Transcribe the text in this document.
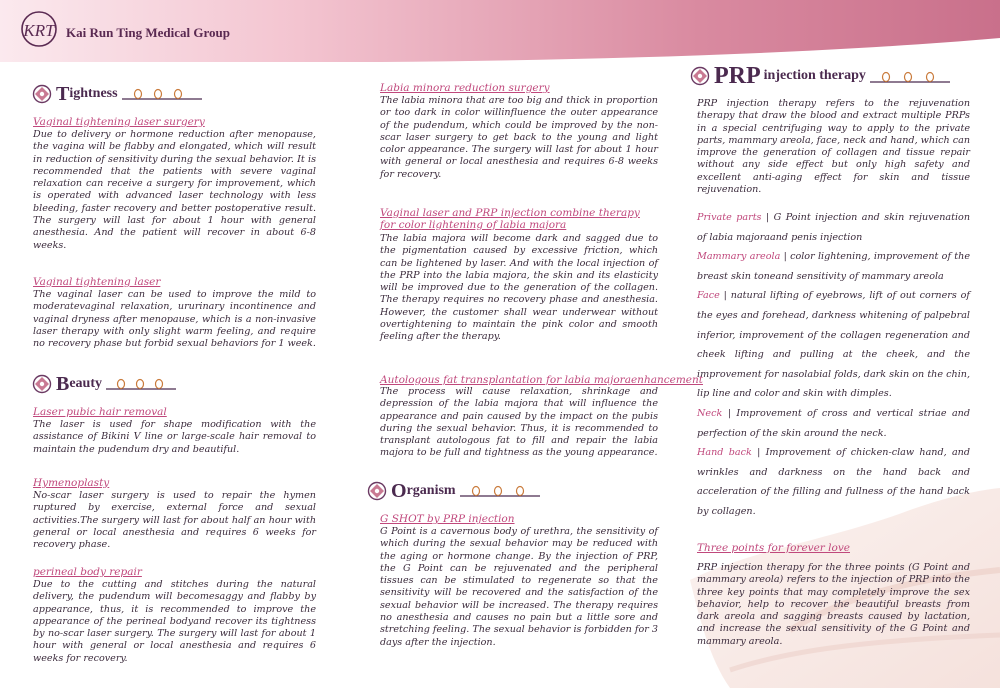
KRT Kai Run Ting Medical Group
T ightness
Vaginal tightening laser surgery
Due to delivery or hormone reduction after menopause, the vagina will be flabby and elongated, which will result in reduction of sensitivity during the sexual behavior. It is recommended that the patients with severe vaginal relaxation can receive a surgery for improvement, which is operated with advanced laser technology with less bleeding, faster recovery and better postoperative result. The surgery will last for about 1 hour with general anesthesia. And the patient will recover in about 6-8 weeks.
Vaginal tightening laser
The vaginal laser can be used to improve the mild to moderatevaginal relaxation, ururinary incontinence and vaginal dryness after menopause, which is a non-invasive laser therapy with only slight warm feeling, and require no recovery phase but forbid sexual behaviors for 1 week.
B eauty
Laser pubic hair removal
The laser is used for shape modification with the assistance of Bikini V line or large-scale hair removal to maintain the pudendum dry and beautiful.
Hymenoplasty
No-scar laser surgery is used to repair the hymen ruptured by exercise, external force and sexual activities.The surgery will last for about half an hour with general or local anesthesia and requires 6 weeks for recovery phase.
perineal body repair
Due to the cutting and stitches during the natural delivery, the pudendum will becomesaggy and flabby by appearance, thus, it is recommended to improve the appearance of the perineal bodyand recover its tightness by no-scar laser surgery. The surgery will last for about 1 hour with general or local anesthesia and requires 6 weeks for recovery.
Labia minora reduction surgery
The labia minora that are too big and thick in proportion or too dark in color willinfluence the outer appearance of the pudendum, which could be improved by the non-scar laser surgery to get back to the young and light color appearance. The surgery will last for about 1 hour with general or local anesthesia and requires 6-8 weeks for recovery.
Vaginal laser and PRP injection combine therapy for color lightening of labia majora
The labia majora will become dark and sagged due to the pigmentation caused by excessive friction, which can be lightened by laser. And with the local injection of the PRP into the labia majora, the skin and its elasticity will be improved due to the generation of the collagen. The therapy requires no recovery phase and anesthesia. However, the customer shall wear underwear without overtightening to maintain the pink color and smooth feeling after the therapy.
Autologous fat transplantation for labia majoraenhancement
The process will cause relaxation, shrinkage and depression of the labia majora that will influence the appearance and pain caused by the impact on the pubis during the sexual behavior. Thus, it is recommended to transplant autologous fat to fill and repair the labia majora to be full and tightness as the young appearance.
O rganism
G SHOT by PRP injection
G Point is a cavernous body of urethra, the sensitivity of which during the sexual behavior may be reduced with the aging or hormone change. By the injection of PRP, the G Point can be rejuvenated and the peripheral tissues can be stimulated to regenerate so that the sensitivity will be recovered and the satisfaction of the sexual behavior will be increased. The therapy requires no anesthesia and causes no pain but a little sore and stretching feeling. The sexual behavior is forbidden for 3 days after the injection.
PRP injection therapy
PRP injection therapy refers to the rejuvenation therapy that draw the blood and extract multiple PRPs in a special centrifuging way to apply to the private parts, mammary areola, face, neck and hand, which can improve the generation of collagen and tissue repair without any side effect but only high safety and excellent anti-aging effect for skin and tissue rejuvenation.
Private parts | G Point injection and skin rejuvenation of labia majoraand penis injection
Mammary areola | color lightening, improvement of the breast skin toneand sensitivity of mammary areola
Face | natural lifting of eyebrows, lift of out corners of the eyes and forehead, darkness whitening of palpebral inferior, improvement of the collagen regeneration and cheek lifting and pulling at the cheek, and the improvement for nasolabial folds, dark skin on the chin, lip line and color and skin with dimples.
Neck | Improvement of cross and vertical striae and perfection of the skin around the neck.
Hand back | Improvement of chicken-claw hand, and wrinkles and darkness on the hand back and acceleration of the filling and fullness of the hand back by collagen.
Three points for forever love
PRP injection therapy for the three points (G Point and mammary areola) refers to the injection of PRP into the three key points that may completely improve the sex behavior, help to recover the beautiful breasts from dark areola and sagging breasts caused by lactation, and increase the sexual sensitivity of the G Point and mammary areola.
